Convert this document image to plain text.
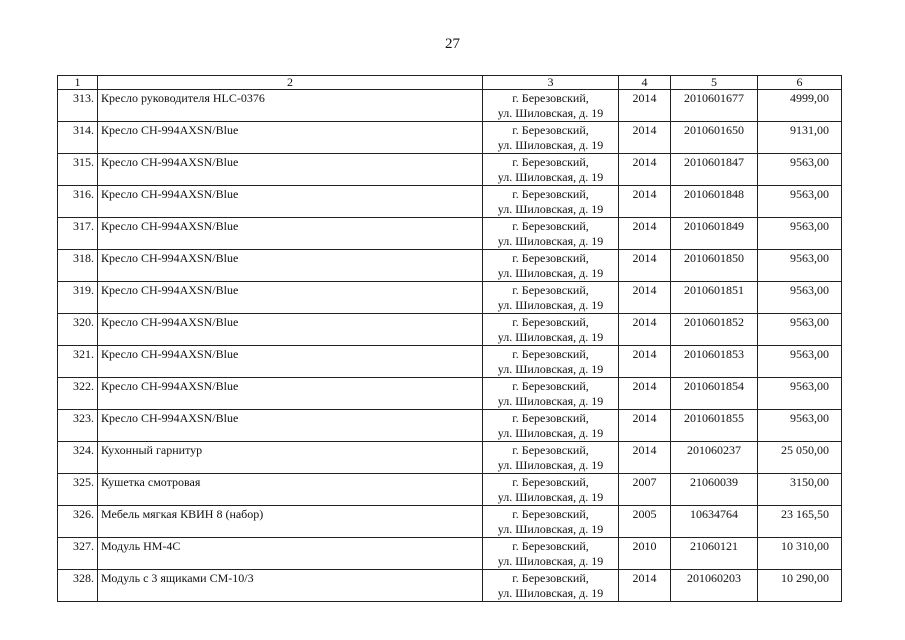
27
1	2	3	4	5	6
313.	Кресло руководителя HLC-0376	г. Березовский,
ул. Шиловская, д. 19	2014	2010601677	4999,00
314.	Кресло CH-994AXSN/Blue	г. Березовский,
ул. Шиловская, д. 19	2014	2010601650	9131,00
315.	Кресло CH-994AXSN/Blue	г. Березовский,
ул. Шиловская, д. 19	2014	2010601847	9563,00
316.	Кресло CH-994AXSN/Blue	г. Березовский,
ул. Шиловская, д. 19	2014	2010601848	9563,00
317.	Кресло CH-994AXSN/Blue	г. Березовский,
ул. Шиловская, д. 19	2014	2010601849	9563,00
318.	Кресло CH-994AXSN/Blue	г. Березовский,
ул. Шиловская, д. 19	2014	2010601850	9563,00
319.	Кресло CH-994AXSN/Blue	г. Березовский,
ул. Шиловская, д. 19	2014	2010601851	9563,00
320.	Кресло CH-994AXSN/Blue	г. Березовский,
ул. Шиловская, д. 19	2014	2010601852	9563,00
321.	Кресло CH-994AXSN/Blue	г. Березовский,
ул. Шиловская, д. 19	2014	2010601853	9563,00
322.	Кресло CH-994AXSN/Blue	г. Березовский,
ул. Шиловская, д. 19	2014	2010601854	9563,00
323.	Кресло CH-994AXSN/Blue	г. Березовский,
ул. Шиловская, д. 19	2014	2010601855	9563,00
324.	Кухонный гарнитур	г. Березовский,
ул. Шиловская, д. 19	2014	201060237	25 050,00
325.	Кушетка смотровая	г. Березовский,
ул. Шиловская, д. 19	2007	21060039	3150,00
326.	Мебель мягкая КВИН 8 (набор)	г. Березовский,
ул. Шиловская, д. 19	2005	10634764	23 165,50
327.	Модуль НМ-4С	г. Березовский,
ул. Шиловская, д. 19	2010	21060121	10 310,00
328.	Модуль с 3 ящиками СМ-10/3	г. Березовский,
ул. Шиловская, д. 19	2014	201060203	10 290,00
